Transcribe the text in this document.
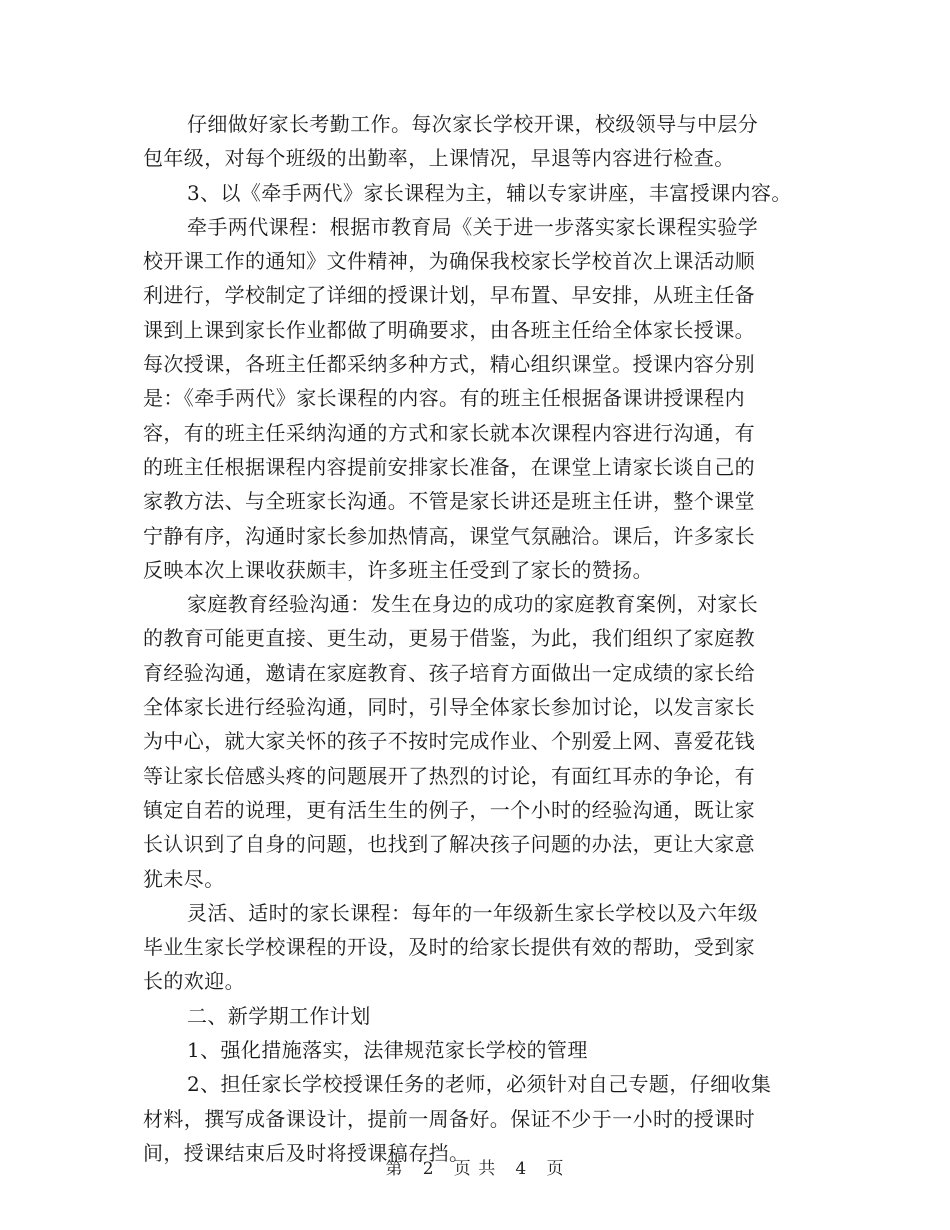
仔细做好家长考勤工作。每次家长学校开课，校级领导与中层分
包年级，对每个班级的出勤率，上课情况，早退等内容进行检查。

3、以《牵手两代》家长课程为主，辅以专家讲座，丰富授课内容。

牵手两代课程：根据市教育局《关于进一步落实家长课程实验学
校开课工作的通知》文件精神，为确保我校家长学校首次上课活动顺
利进行，学校制定了详细的授课计划，早布置、早安排，从班主任备
课到上课到家长作业都做了明确要求，由各班主任给全体家长授课。
每次授课，各班主任都采纳多种方式，精心组织课堂。授课内容分别
是：《牵手两代》家长课程的内容。有的班主任根据备课讲授课程内
容，有的班主任采纳沟通的方式和家长就本次课程内容进行沟通，有
的班主任根据课程内容提前安排家长准备，在课堂上请家长谈自己的
家教方法、与全班家长沟通。不管是家长讲还是班主任讲，整个课堂
宁静有序，沟通时家长参加热情高，课堂气氛融洽。课后，许多家长
反映本次上课收获颇丰，许多班主任受到了家长的赞扬。

家庭教育经验沟通：发生在身边的成功的家庭教育案例，对家长
的教育可能更直接、更生动，更易于借鉴，为此，我们组织了家庭教
育经验沟通，邀请在家庭教育、孩子培育方面做出一定成绩的家长给
全体家长进行经验沟通，同时，引导全体家长参加讨论，以发言家长
为中心，就大家关怀的孩子不按时完成作业、个别爱上网、喜爱花钱
等让家长倍感头疼的问题展开了热烈的讨论，有面红耳赤的争论，有
镇定自若的说理，更有活生生的例子，一个小时的经验沟通，既让家
长认识到了自身的问题，也找到了解决孩子问题的办法，更让大家意
犹未尽。

灵活、适时的家长课程：每年的一年级新生家长学校以及六年级
毕业生家长学校课程的开设，及时的给家长提供有效的帮助，受到家
长的欢迎。

二、新学期工作计划

1、强化措施落实，法律规范家长学校的管理

2、担任家长学校授课任务的老师，必须针对自己专题，仔细收集
材料，撰写成备课设计，提前一周备好。保证不少于一小时的授课时
间，授课结束后及时将授课稿存挡。

第 2 页 共 4 页
